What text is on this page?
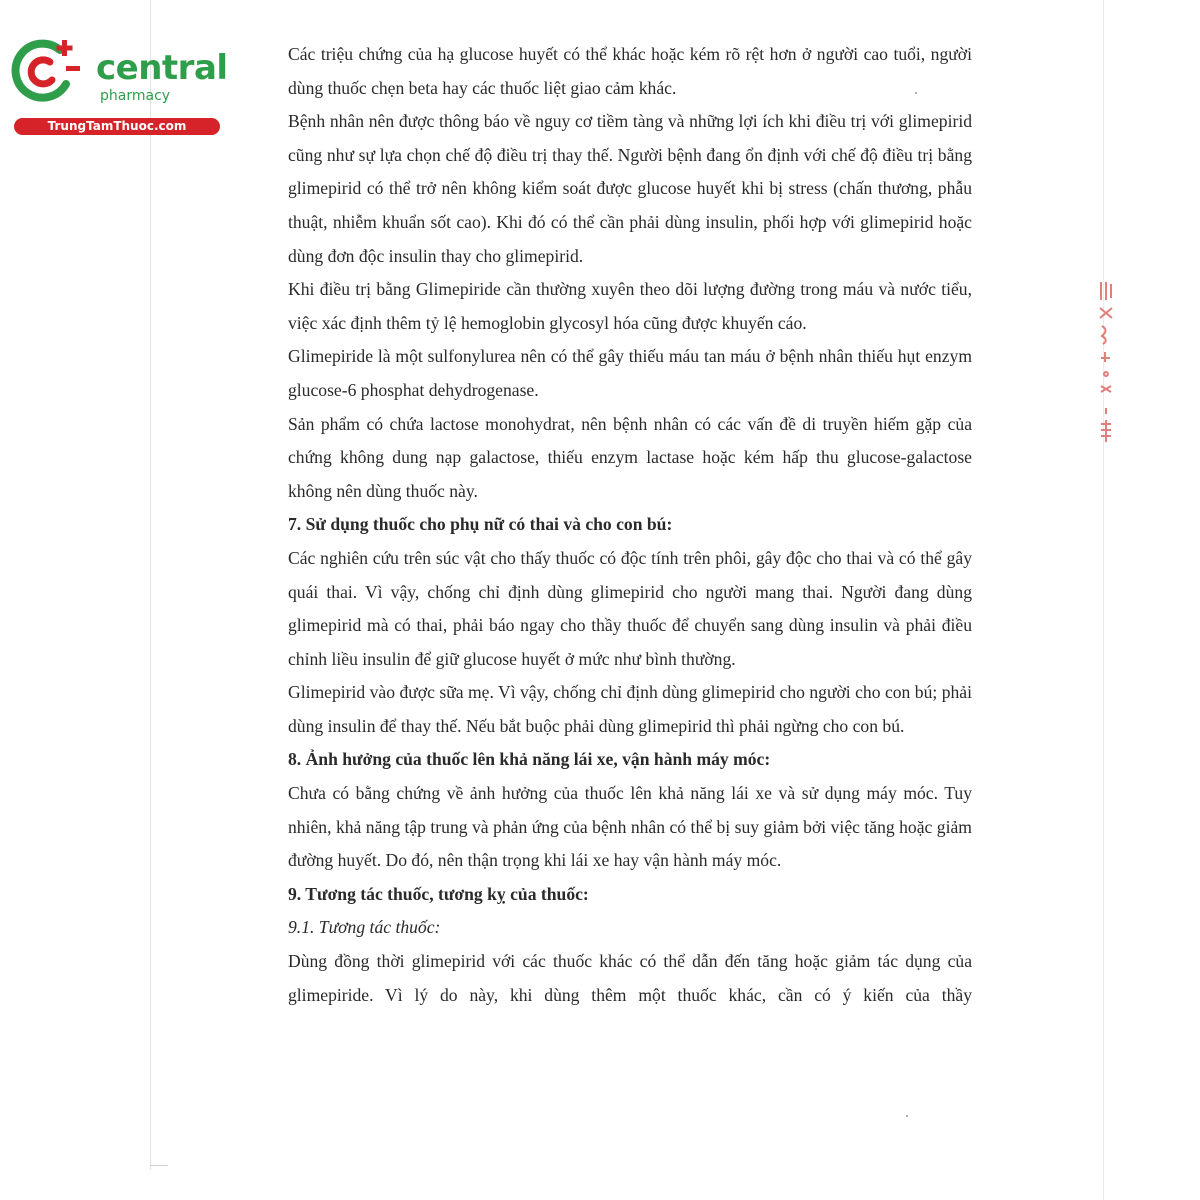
central
pharmacy
TrungTamThuoc.com

Các triệu chứng của hạ glucose huyết có thể khác hoặc kém rõ rệt hơn ở người cao tuổi, người dùng thuốc chẹn beta hay các thuốc liệt giao cảm khác.

Bệnh nhân nên được thông báo về nguy cơ tiềm tàng và những lợi ích khi điều trị với glimepirid cũng như sự lựa chọn chế độ điều trị thay thế. Người bệnh đang ổn định với chế độ điều trị bằng glimepirid có thể trở nên không kiểm soát được glucose huyết khi bị stress (chấn thương, phẫu thuật, nhiễm khuẩn sốt cao). Khi đó có thể cần phải dùng insulin, phối hợp với glimepirid hoặc dùng đơn độc insulin thay cho glimepirid.

Khi điều trị bằng Glimepiride cần thường xuyên theo dõi lượng đường trong máu và nước tiểu, việc xác định thêm tỷ lệ hemoglobin glycosyl hóa cũng được khuyến cáo.

Glimepiride là một sulfonylurea nên có thể gây thiếu máu tan máu ở bệnh nhân thiếu hụt enzym glucose-6 phosphat dehydrogenase.

Sản phẩm có chứa lactose monohydrat, nên bệnh nhân có các vấn đề di truyền hiếm gặp của chứng không dung nạp galactose, thiếu enzym lactase hoặc kém hấp thu glucose-galactose không nên dùng thuốc này.

7. Sử dụng thuốc cho phụ nữ có thai và cho con bú:

Các nghiên cứu trên súc vật cho thấy thuốc có độc tính trên phôi, gây độc cho thai và có thể gây quái thai. Vì vậy, chống chỉ định dùng glimepirid cho người mang thai. Người đang dùng glimepirid mà có thai, phải báo ngay cho thầy thuốc để chuyển sang dùng insulin và phải điều chỉnh liều insulin để giữ glucose huyết ở mức như bình thường.

Glimepirid vào được sữa mẹ. Vì vậy, chống chỉ định dùng glimepirid cho người cho con bú; phải dùng insulin để thay thế. Nếu bắt buộc phải dùng glimepirid thì phải ngừng cho con bú.

8. Ảnh hưởng của thuốc lên khả năng lái xe, vận hành máy móc:

Chưa có bằng chứng về ảnh hưởng của thuốc lên khả năng lái xe và sử dụng máy móc. Tuy nhiên, khả năng tập trung và phản ứng của bệnh nhân có thể bị suy giảm bởi việc tăng hoặc giảm đường huyết. Do đó, nên thận trọng khi lái xe hay vận hành máy móc.

9. Tương tác thuốc, tương kỵ của thuốc:

9.1. Tương tác thuốc:

Dùng đồng thời glimepirid với các thuốc khác có thể dẫn đến tăng hoặc giảm tác dụng của glimepiride. Vì lý do này, khi dùng thêm một thuốc khác, cần có ý kiến của thầy
